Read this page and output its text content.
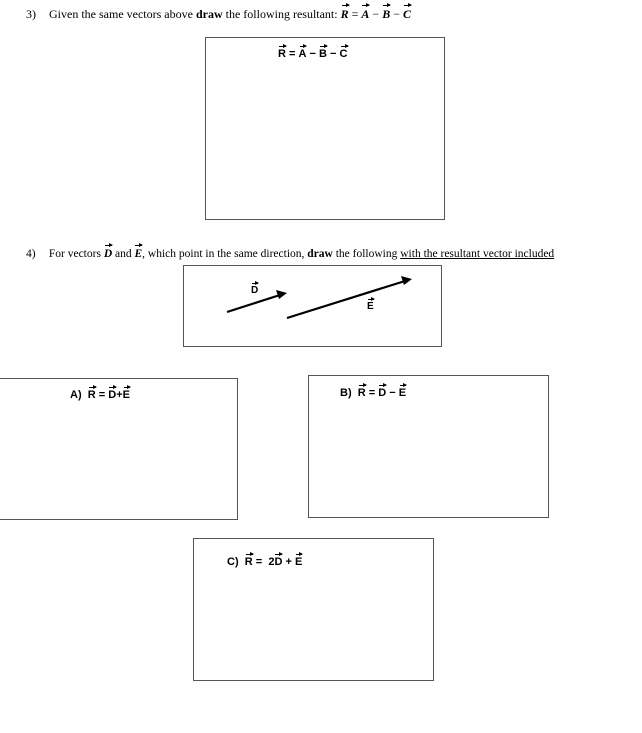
3) Given the same vectors above draw the following resultant: R = A − B − C
R = A − B − C
4) For vectors D and E, which point in the same direction, draw the following with the resultant vector included
D
E
A) R = D+E	B) R = D − E
C) R = 2D + E
